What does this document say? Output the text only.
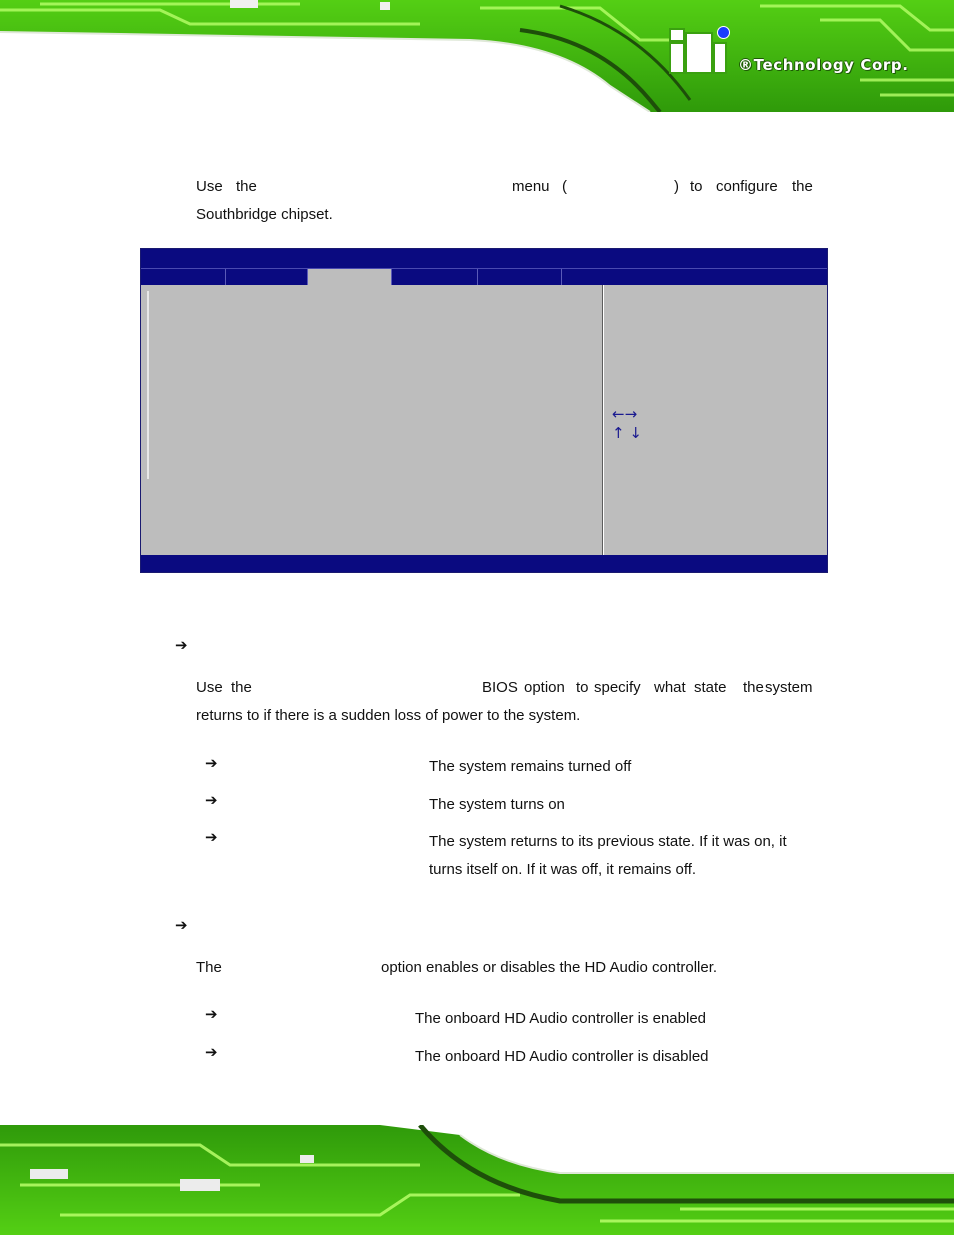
®Technology Corp.
Use the	menu (	) to configure the
Southbridge chipset.
←→
↑ ↓
➔
Use the	BIOS option to specify what state the system
returns to if there is a sudden loss of power to the system.
➔	The system remains turned off
➔	The system turns on
➔	The system returns to its previous state. If it was on, it
turns itself on. If it was off, it remains off.
➔
The	option enables or disables the HD Audio controller.
➔	The onboard HD Audio controller is enabled
➔	The onboard HD Audio controller is disabled
